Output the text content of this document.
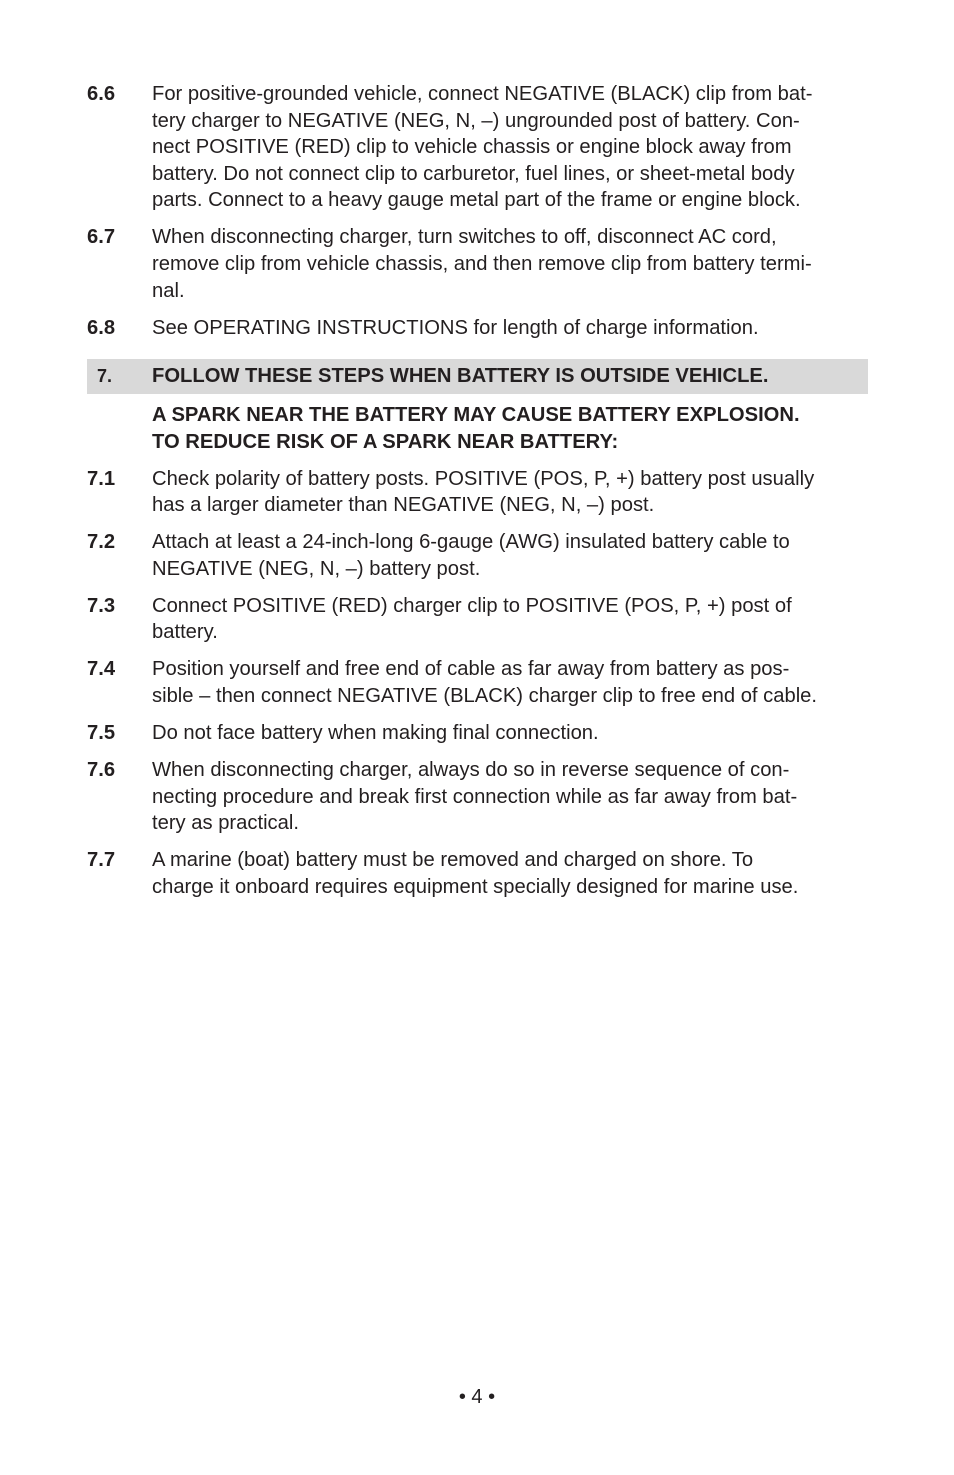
6.6	For positive-grounded vehicle, connect NEGATIVE (BLACK) clip from bat-
tery charger to NEGATIVE (NEG, N, –) ungrounded post of battery. Con-
nect POSITIVE (RED) clip to vehicle chassis or engine block away from
battery. Do not connect clip to carburetor, fuel lines, or sheet-metal body
parts. Connect to a heavy gauge metal part of the frame or engine block.
6.7	When disconnecting charger, turn switches to off, disconnect AC cord,
remove clip from vehicle chassis, and then remove clip from battery termi-
nal.
6.8	See OPERATING INSTRUCTIONS for length of charge information.
7.	FOLLOW THESE STEPS WHEN BATTERY IS OUTSIDE VEHICLE.
A SPARK NEAR THE BATTERY MAY CAUSE BATTERY EXPLOSION.
TO REDUCE RISK OF A SPARK NEAR BATTERY:
7.1	Check polarity of battery posts. POSITIVE (POS, P, +) battery post usually
has a larger diameter than NEGATIVE (NEG, N, –) post.
7.2	Attach at least a 24-inch-long 6-gauge (AWG) insulated battery cable to
NEGATIVE (NEG, N, –) battery post.
7.3	Connect POSITIVE (RED) charger clip to POSITIVE (POS, P, +) post of
battery.
7.4	Position yourself and free end of cable as far away from battery as pos-
sible – then connect NEGATIVE (BLACK) charger clip to free end of cable.
7.5	Do not face battery when making final connection.
7.6	When disconnecting charger, always do so in reverse sequence of con-
necting procedure and break first connection while as far away from bat-
tery as practical.
7.7	A marine (boat) battery must be removed and charged on shore. To
charge it onboard requires equipment specially designed for marine use.
• 4 •
